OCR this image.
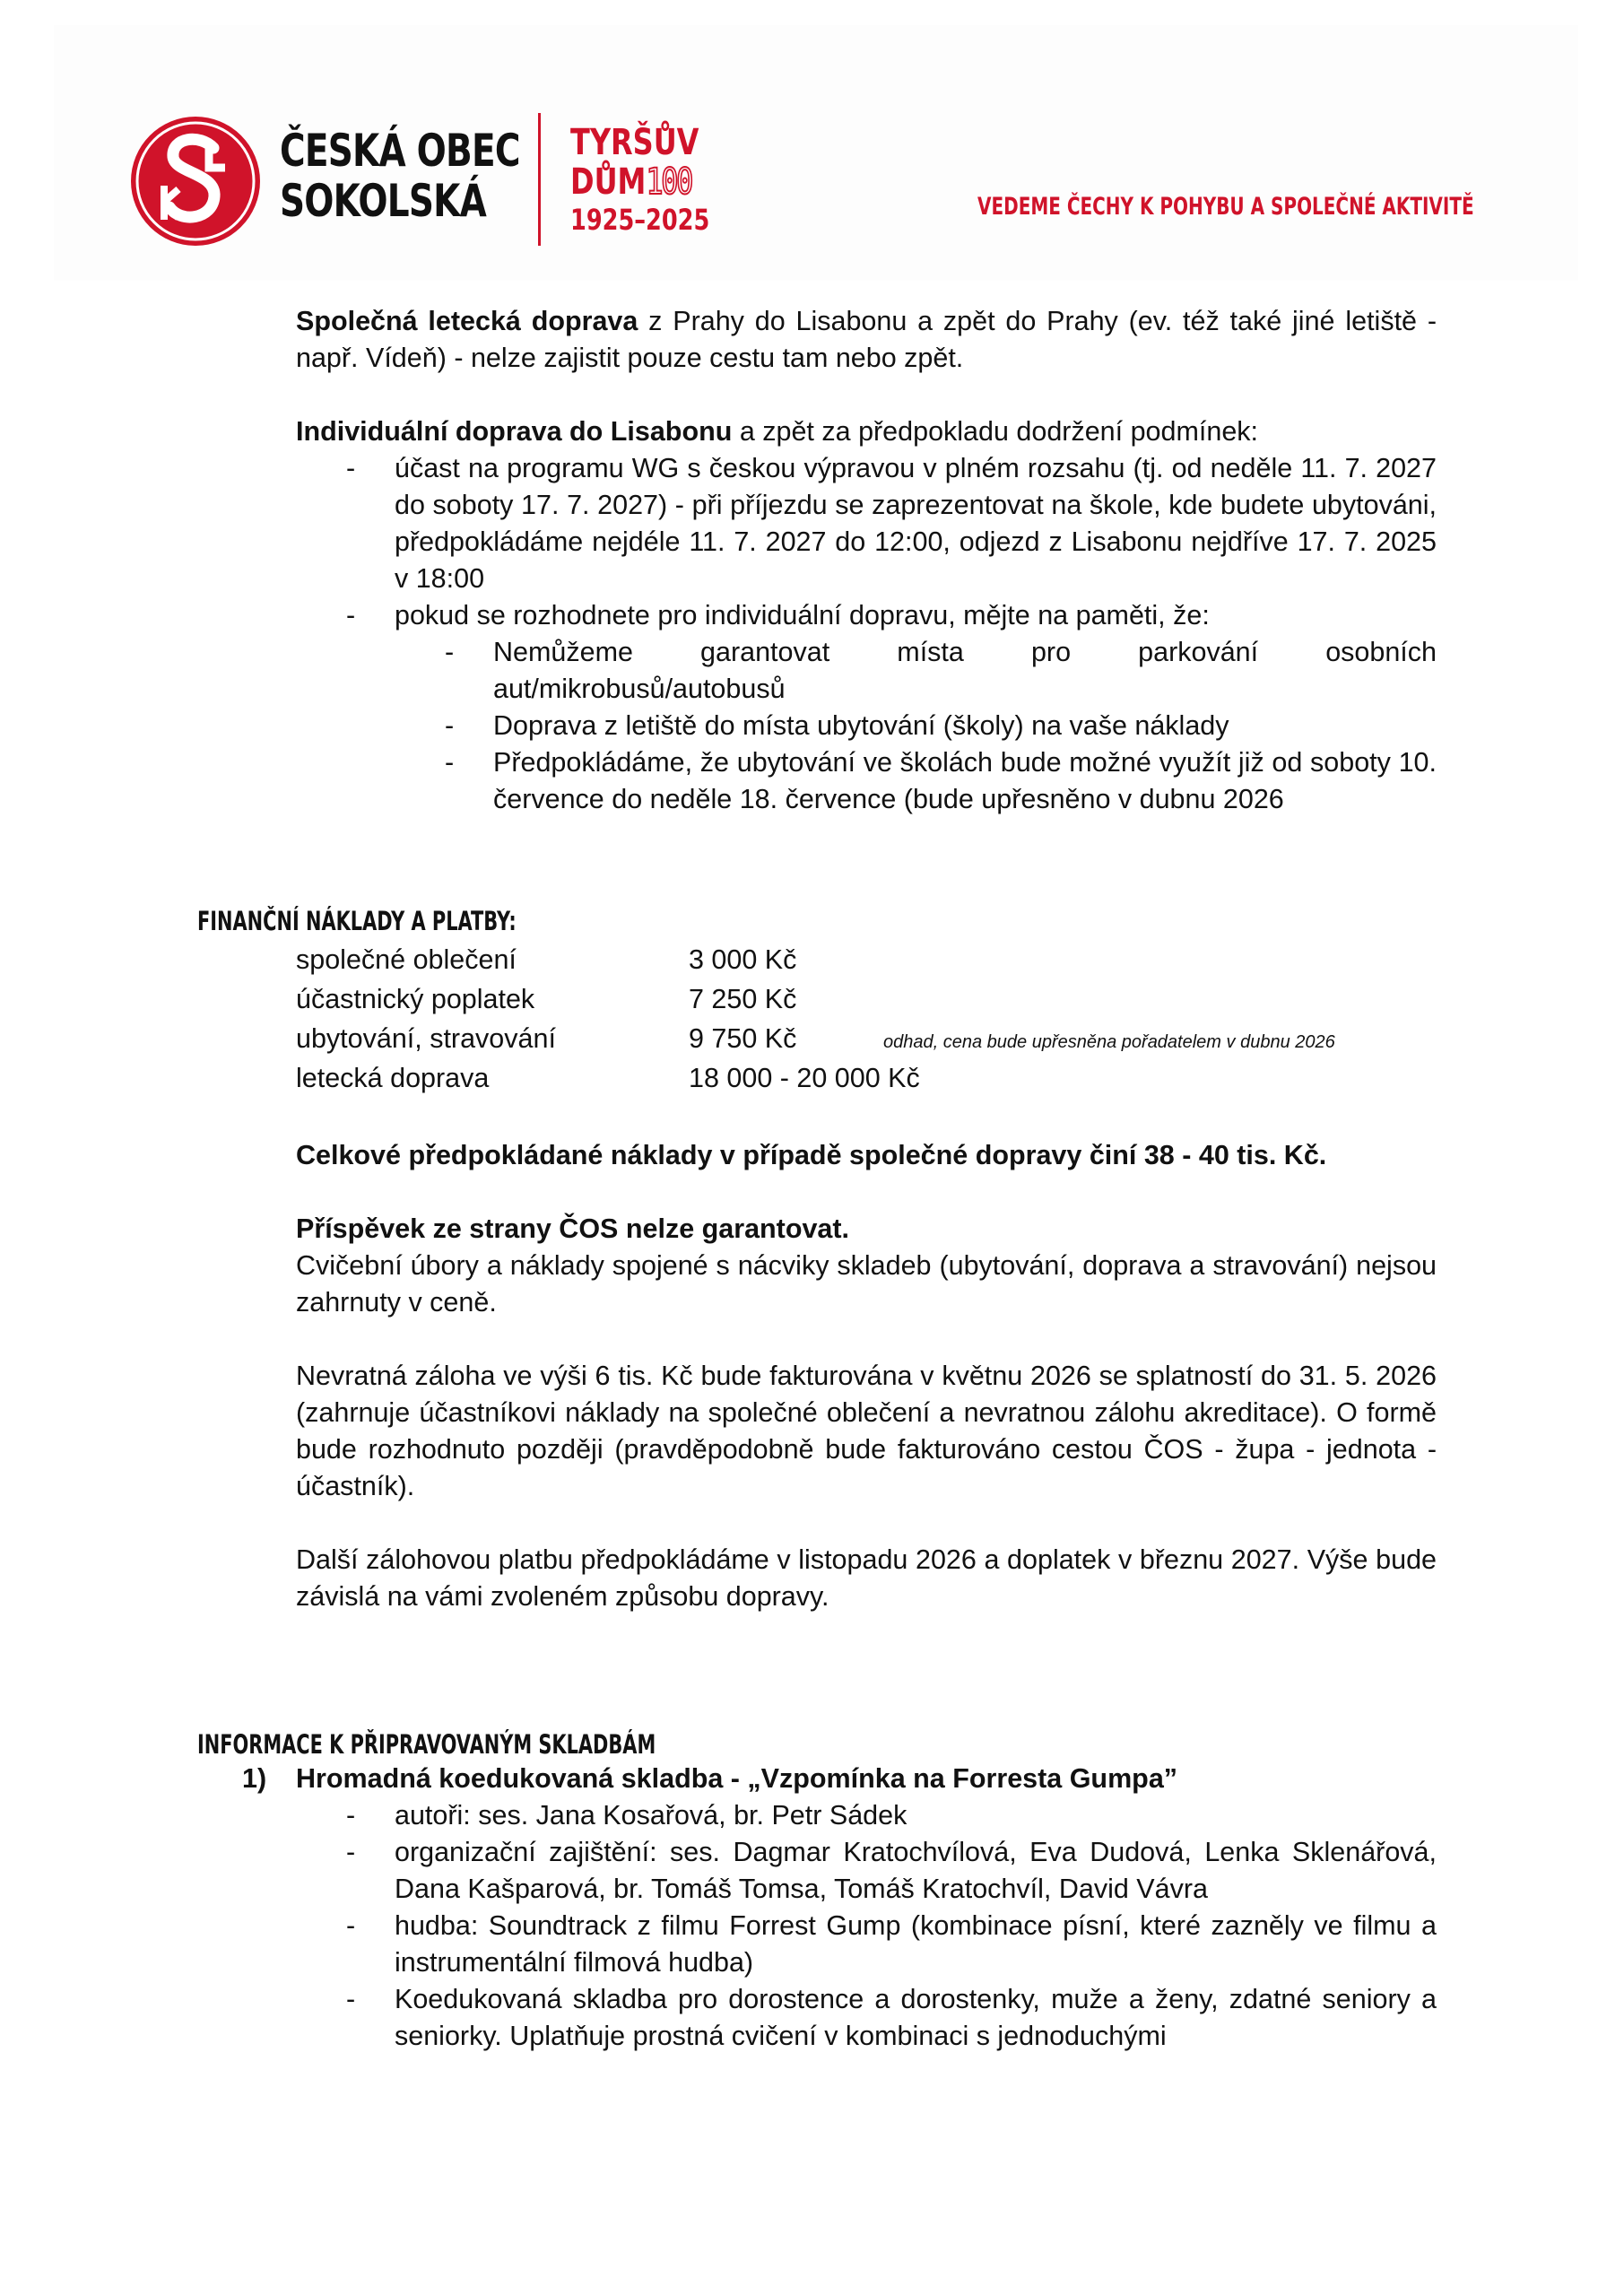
ČESKÁ OBEC
SOKOLSKÁ
TYRŠŮV
DŮM100
1925–2025	VEDEME ČECHY K POHYBU A SPOLEČNÉ AKTIVITĚ

Společná letecká doprava z Prahy do Lisabonu a zpět do Prahy (ev. též také jiné letiště - např. Vídeň) - nelze zajistit pouze cestu tam nebo zpět.

Individuální doprava do Lisabonu a zpět za předpokladu dodržení podmínek:

- účast na programu WG s českou výpravou v plném rozsahu (tj. od neděle 11. 7. 2027 do soboty 17. 7. 2027) - při příjezdu se zaprezentovat na škole, kde budete ubytováni, předpokládáme nejdéle 11. 7. 2027 do 12:00, odjezd z Lisabonu nejdříve 17. 7. 2025 v 18:00
- pokud se rozhodnete pro individuální dopravu, mějte na paměti, že:
- Nemůžeme garantovat místa pro parkování osobních aut/mikrobusů/autobusů
- Doprava z letiště do místa ubytování (školy) na vaše náklady
- Předpokládáme, že ubytování ve školách bude možné využít již od soboty 10. července do neděle 18. července (bude upřesněno v dubnu 2026
FINANČNÍ NÁKLADY A PLATBY:
společné oblečení	3 000 Kč
účastnický poplatek	7 250 Kč
ubytování, stravování	9 750 Kč	odhad, cena bude upřesněna pořadatelem v dubnu 2026
letecká doprava	18 000 - 20 000 Kč

Celkové předpokládané náklady v případě společné dopravy činí 38 - 40 tis. Kč.

Příspěvek ze strany ČOS nelze garantovat.

Cvičební úbory a náklady spojené s nácviky skladeb (ubytování, doprava a stravování) nejsou zahrnuty v ceně.

Nevratná záloha ve výši 6 tis. Kč bude fakturována v květnu 2026 se splatností do 31. 5. 2026 (zahrnuje účastníkovi náklady na společné oblečení a nevratnou zálohu akreditace). O formě bude rozhodnuto později (pravděpodobně bude fakturováno cestou ČOS - župa - jednota - účastník).

Další zálohovou platbu předpokládáme v listopadu 2026 a doplatek v březnu 2027. Výše bude závislá na vámi zvoleném způsobu dopravy.

INFORMACE K PŘIPRAVOVANÝM SKLADBÁM

1) Hromadná koedukovaná skladba - „Vzpomínka na Forresta Gumpa”

- autoři: ses. Jana Kosařová, br. Petr Sádek
- organizační zajištění: ses. Dagmar Kratochvílová, Eva Dudová, Lenka Sklenářová, Dana Kašparová, br. Tomáš Tomsa, Tomáš Kratochvíl, David Vávra
- hudba: Soundtrack z filmu Forrest Gump (kombinace písní, které zazněly ve filmu a instrumentální filmová hudba)
- Koedukovaná skladba pro dorostence a dorostenky, muže a ženy, zdatné seniory a seniorky. Uplatňuje prostná cvičení v kombinaci s jednoduchými
